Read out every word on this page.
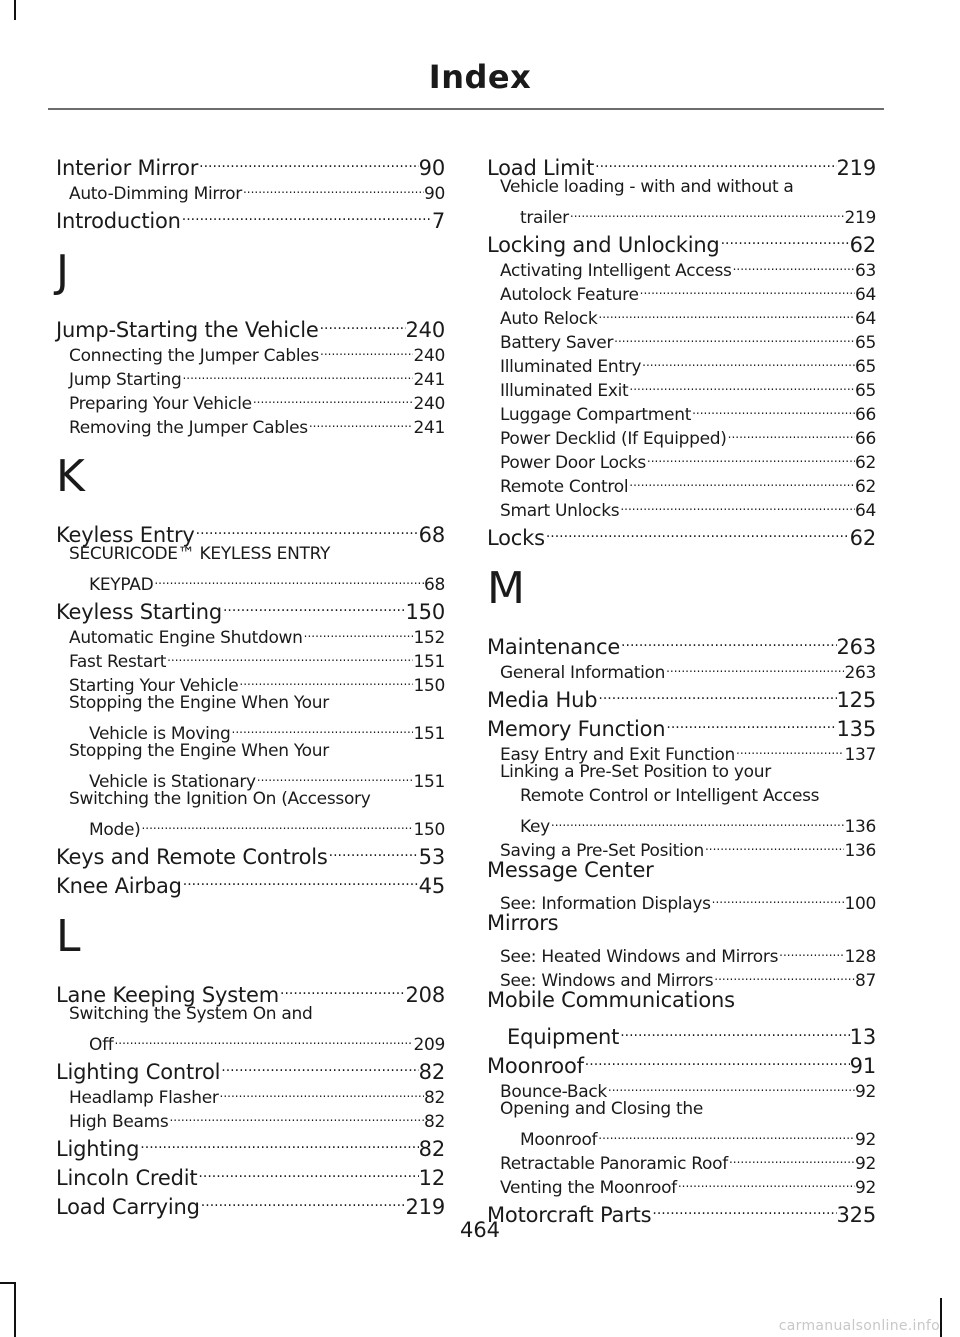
Index
Interior Mirror .....	90
Auto-Dimming Mirror .....	90
Introduction .....	7
J
Jump-Starting the Vehicle .....	240
Connecting the Jumper Cables .....	240
Jump Starting .....	241
Preparing Your Vehicle .....	240
Removing the Jumper Cables .....	241
K
Keyless Entry .....	68
SECURICODE™ KEYLESS ENTRY
KEYPAD .....	68
Keyless Starting .....	150
Automatic Engine Shutdown .....	152
Fast Restart .....	151
Starting Your Vehicle .....	150
Stopping the Engine When Your
Vehicle is Moving .....	151
Stopping the Engine When Your
Vehicle is Stationary .....	151
Switching the Ignition On (Accessory
Mode) .....	150
Keys and Remote Controls .....	53
Knee Airbag .....	45
L
Lane Keeping System .....	208
Switching the System On and
Off .....	209
Lighting Control .....	82
Headlamp Flasher .....	82
High Beams .....	82
Lighting .....	82
Lincoln Credit .....	12
Load Carrying .....	219
Load Limit .....	219
Vehicle loading - with and without a
trailer .....	219
Locking and Unlocking .....	62
Activating Intelligent Access .....	63
Autolock Feature .....	64
Auto Relock .....	64
Battery Saver .....	65
Illuminated Entry .....	65
Illuminated Exit .....	65
Luggage Compartment .....	66
Power Decklid (If Equipped) .....	66
Power Door Locks .....	62
Remote Control .....	62
Smart Unlocks .....	64
Locks .....	62
M
Maintenance .....	263
General Information .....	263
Media Hub .....	125
Memory Function .....	135
Easy Entry and Exit Function .....	137
Linking a Pre-Set Position to your
Remote Control or Intelligent Access
Key .....	136
Saving a Pre-Set Position .....	136
Message Center
See: Information Displays .....	100
Mirrors
See: Heated Windows and Mirrors .....	128
See: Windows and Mirrors .....	87
Mobile Communications
Equipment .....	13
Moonroof .....	91
Bounce-Back .....	92
Opening and Closing the
Moonroof .....	92
Retractable Panoramic Roof .....	92
Venting the Moonroof .....	92
Motorcraft Parts .....	325
464
carmanualsonline.info
